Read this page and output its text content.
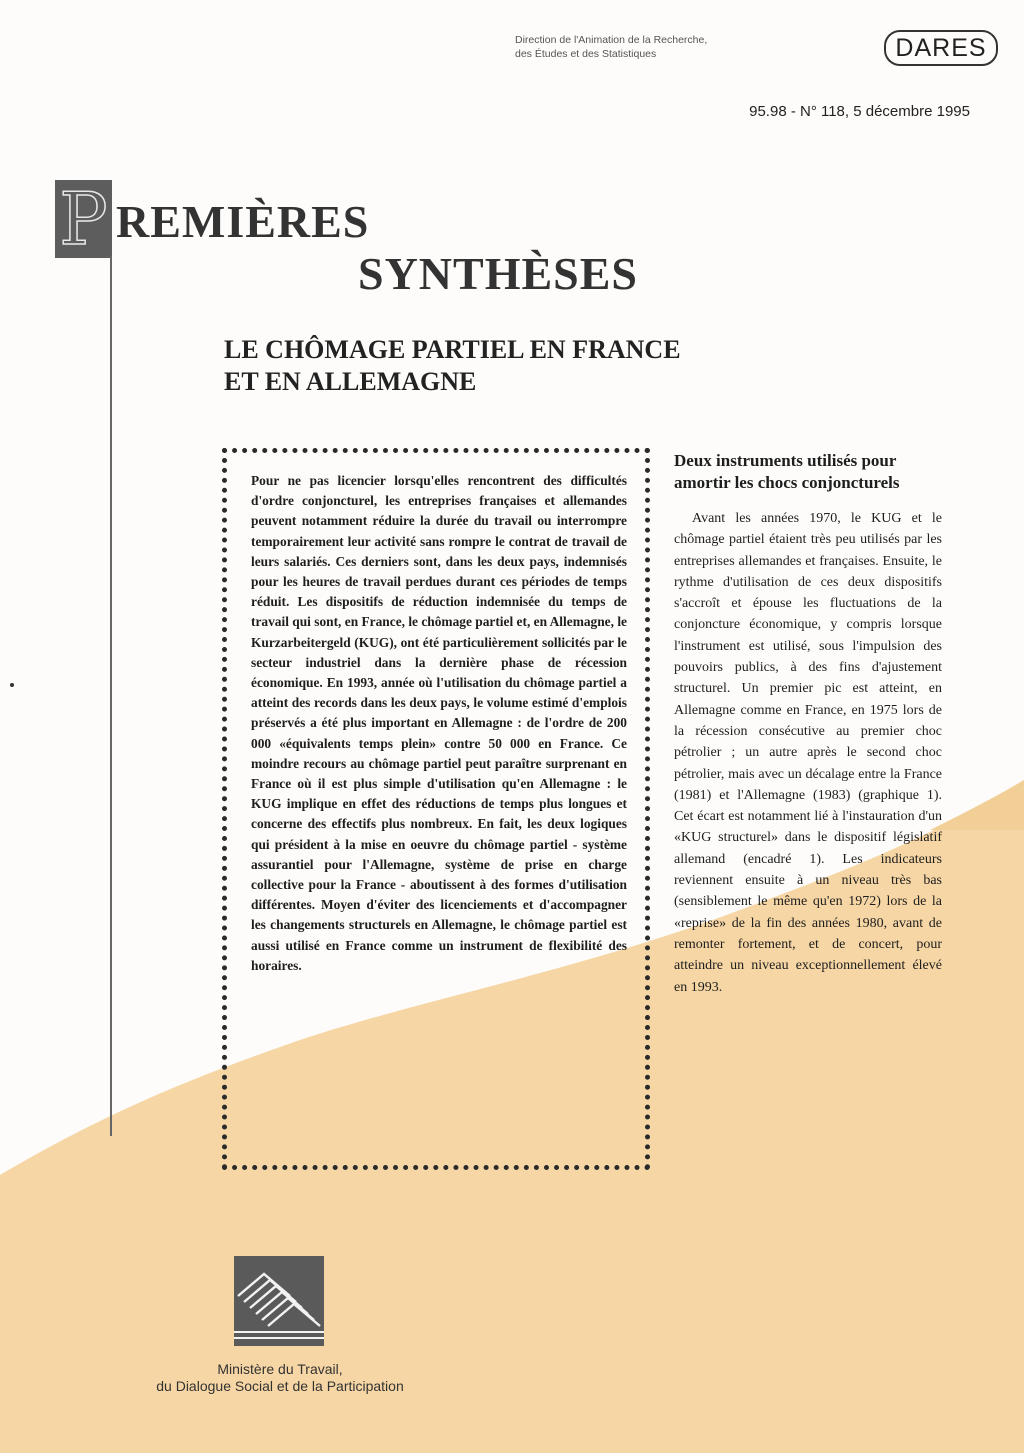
Direction de l'Animation de la Recherche,
des Études et des Statistiques	DARES
95.98 - N° 118, 5 décembre 1995
P REMIÈRES
SYNTHÈSES
LE CHÔMAGE PARTIEL EN FRANCE
ET EN ALLEMAGNE

Pour ne pas licencier lorsqu'elles rencontrent des difficultés d'ordre conjoncturel, les entreprises françaises et allemandes peuvent notamment réduire la durée du travail ou interrompre temporairement leur activité sans rompre le contrat de travail de leurs salariés. Ces derniers sont, dans les deux pays, indemnisés pour les heures de travail perdues durant ces périodes de temps réduit. Les dispositifs de réduction indemnisée du temps de travail qui sont, en France, le chômage partiel et, en Allemagne, le Kurzarbeitergeld (KUG), ont été particulièrement sollicités par le secteur industriel dans la dernière phase de récession économique. En 1993, année où l'utilisation du chômage partiel a atteint des records dans les deux pays, le volume estimé d'emplois préservés a été plus important en Allemagne : de l'ordre de 200 000 «équivalents temps plein» contre 50 000 en France. Ce moindre recours au chômage partiel peut paraître surprenant en France où il est plus simple d'utilisation qu'en Allemagne : le KUG implique en effet des réductions de temps plus longues et concerne des effectifs plus nombreux. En fait, les deux logiques qui président à la mise en oeuvre du chômage partiel - système assurantiel pour l'Allemagne, système de prise en charge collective pour la France - aboutissent à des formes d'utilisation différentes. Moyen d'éviter des licenciements et d'accompagner les changements structurels en Allemagne, le chômage partiel est aussi utilisé en France comme un instrument de flexibilité des horaires.

Deux instruments utilisés pour
amortir les chocs conjoncturels

Avant les années 1970, le KUG et le chômage partiel étaient très peu utilisés par les entreprises allemandes et françaises. Ensuite, le rythme d'utilisation de ces deux dispositifs s'accroît et épouse les fluctuations de la conjoncture économique, y compris lorsque l'instrument est utilisé, sous l'impulsion des pouvoirs publics, à des fins d'ajustement structurel. Un premier pic est atteint, en Allemagne comme en France, en 1975 lors de la récession consécutive au premier choc pétrolier ; un autre après le second choc pétrolier, mais avec un décalage entre la France (1981) et l'Allemagne (1983) (graphique 1). Cet écart est notamment lié à l'instauration d'un «KUG structurel» dans le dispositif législatif allemand (encadré 1). Les indicateurs reviennent ensuite à un niveau très bas (sensiblement le même qu'en 1972) lors de la «reprise» de la fin des années 1980, avant de remonter fortement, et de concert, pour atteindre un niveau exceptionnellement élevé en 1993.

Ministère du Travail,
du Dialogue Social et de la Participation
